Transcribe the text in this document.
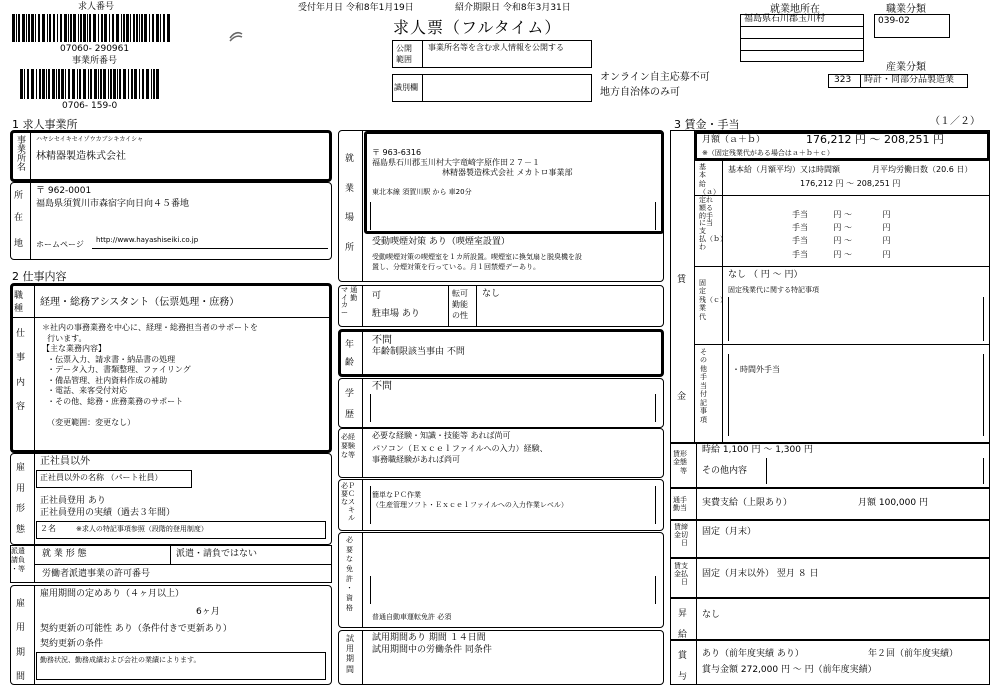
求人番号
07060- 290961
事業所番号
0706- 159-0
受付年月日 令和8年1月19日	紹介期限日 令和8年3月31日
求人票（フルタイム）
公開
範囲
事業所名等を含む求人情報を公開する
識別欄
オンライン自主応募不可
地方自治体のみ可
就業地所在
福島県石川郡玉川村
職業分類
039-02
産業分類
323 時計・同部分品製造業
1 求人事業所
事業所名	ハヤシセイキセイゾウカブシキカイシャ
林精器製造株式会社
所
在
地
〒 962-0001
福島県須賀川市森宿字向日向４５番地
ホームページ http://www.hayashiseiki.co.jp
2 仕事内容
職
種
経理・総務アシスタント（伝票処理・庶務）
仕
事
内
容
＊社内の事務業務を中心に、経理・総務担当者のサポートを
行います。
【主な業務内容】
・伝票入力、請求書・納品書の処理
・データ入力、書類整理、ファイリング
・備品管理、社内資料作成の補助
・電話、来客受付対応
・その他、総務・庶務業務のサポート

（変更範囲：変更なし）
雇
用
形
態
正社員以外
正社員以外の名称 （パート社員）
正社員登用 あり
正社員登用の実績（過去３年間）
２名	※求人の特記事項参照（段階的登用制度）
派遣
請負
・等
就 業 形 態	派遣・請負ではない
労働者派遣事業の許可番号
雇
用
期
間
雇用期間の定めあり（４ヶ月以上）
6ヶ月
契約更新の可能性 あり（条件付きで更新あり）
契約更新の条件
勤務状況、勤務成績および会社の業績によります。
就
業
場
所
〒 963-6316
福島県石川郡玉川村大字竜崎字原作田２７－１
林精器製造株式会社 メカトロ事業部
東北本線 須賀川駅 から 車20分
受動喫煙対策 あり（喫煙室設置）
受動喫煙対策の喫煙室を１カ所設置。喫煙室に換気扇と脱臭機を設
置し、分煙対策を行っている。月１回禁煙デーあり。
マ 通
イ 勤
カ
ー
可
駐車場 あり
転可
勤能
の性
なし
年
齢
不問
年齢制限該当事由 不問
学
歴
不問
必経
要験
な等
必要な経験・知識・技能等 あれば尚可
パソコン（Ｅｘｃｅｌファイルへの入力）経験、
事務職経験があれば尚可
必Ｐ
要Ｃ
なス
　キ
　ル
簡単なＰＣ作業
（生産管理ソフト・Ｅｘｃｅｌファイルへの入力作業レベル）
必
要
な
免
許
・
資
格
普通自動車運転免許 必須
試
用
期
間
試用期間あり 期間 １４日間
試用期間中の労働条件 同条件
3 賃金・手当	（１／２）
賃
金
月額（ａ＋ｂ）	176,212 円 〜 208,251 円
※（固定残業代がある場合はａ＋ｂ＋ｃ）
基
本
給
（ａ）
基本給（月額平均）又は時間額	月平均労働日数（20.6 日）
176,212 円 〜 208,251 円
定れ
額る
的手
に当
支
払（ｂ）
わ
手当          円 〜            円
手当          円 〜            円
手当          円 〜            円
手当          円 〜            円
固
定
残（ｃ）
業
代
なし （ 円 〜 円）
固定残業代に関する特記事項
そ
の
他
手
当
付
記
事
項
・時間外手当
賃形
金態
　等
時給 1,100 円 〜 1,300 円
その他内容
通手
勤当
実費支給（上限あり）	月額 100,000 円
賃締
金切
　日
固定（月末）
賃支
金払
　日
固定（月末以外） 翌月 ８ 日
昇
給
なし
賞
与
あり（前年度実績 あり）	年２回（前年度実績）
賞与金額 272,000 円 〜 円（前年度実績）
